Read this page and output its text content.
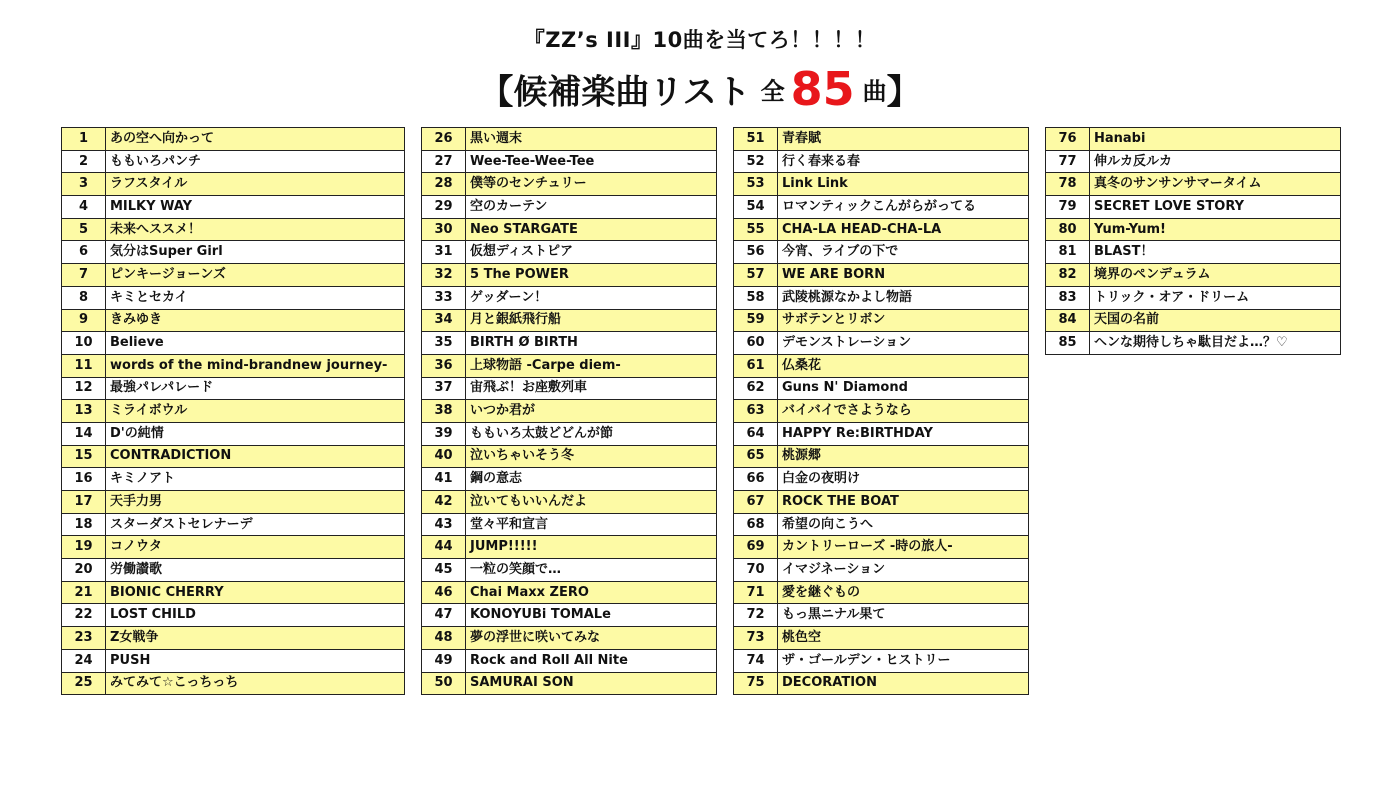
『ZZ’s III』10曲を当てろ！！！！
【候補楽曲リスト 全 85 曲】
1	あの空へ向かって
2	ももいろパンチ
3	ラフスタイル
4	MILKY WAY
5	未来へススメ！
6	気分はSuper Girl
7	ピンキージョーンズ
8	キミとセカイ
9	きみゆき
10	Believe
11	words of the mind-brandnew journey-
12	最強パレパレード
13	ミライボウル
14	D'の純情
15	CONTRADICTION
16	キミノアト
17	天手力男
18	スターダストセレナーデ
19	コノウタ
20	労働讃歌
21	BIONIC CHERRY
22	LOST CHILD
23	Z女戦争
24	PUSH
25	みてみて☆こっちっち
26	黒い週末
27	Wee-Tee-Wee-Tee
28	僕等のセンチュリー
29	空のカーテン
30	Neo STARGATE
31	仮想ディストピア
32	5 The POWER
33	ゲッダーン！
34	月と銀紙飛行船
35	BIRTH Ø BIRTH
36	上球物語 -Carpe diem-
37	宙飛ぶ！お座敷列車
38	いつか君が
39	ももいろ太鼓どどんが節
40	泣いちゃいそう冬
41	鋼の意志
42	泣いてもいいんだよ
43	堂々平和宣言
44	JUMP!!!!!
45	一粒の笑顔で…
46	Chai Maxx ZERO
47	KONOYUBi TOMALe
48	夢の浮世に咲いてみな
49	Rock and Roll All Nite
50	SAMURAI SON
51	青春賦
52	行く春来る春
53	Link Link
54	ロマンティックこんがらがってる
55	CHA-LA HEAD-CHA-LA
56	今宵、ライブの下で
57	WE ARE BORN
58	武陵桃源なかよし物語
59	サボテンとリボン
60	デモンストレーション
61	仏桑花
62	Guns N' Diamond
63	バイバイでさようなら
64	HAPPY Re:BIRTHDAY
65	桃源郷
66	白金の夜明け
67	ROCK THE BOAT
68	希望の向こうへ
69	カントリーローズ -時の旅人-
70	イマジネーション
71	愛を継ぐもの
72	もっ黒ニナル果て
73	桃色空
74	ザ・ゴールデン・ヒストリー
75	DECORATION
76	Hanabi
77	伸ルカ反ルカ
78	真冬のサンサンサマータイム
79	SECRET LOVE STORY
80	Yum-Yum!
81	BLAST！
82	境界のペンデュラム
83	トリック・オア・ドリーム
84	天国の名前
85	ヘンな期待しちゃ駄目だよ…？♡
